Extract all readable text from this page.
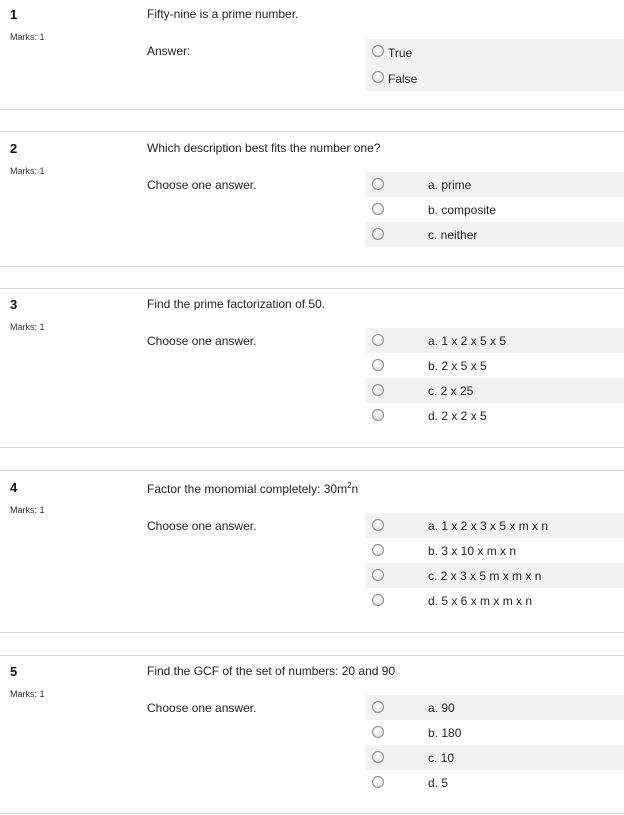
1
Marks: 1
Fifty-nine is a prime number.
Answer:	True
False
2
Marks: 1
Which description best fits the number one?
Choose one answer.	a. prime
b. composite
c. neither
3
Marks: 1
Find the prime factorization of 50.
Choose one answer.	a. 1 x 2 x 5 x 5
b. 2 x 5 x 5
c. 2 x 25
d. 2 x 2 x 5
4
Marks: 1
Factor the monomial completely: $30m^2n$
Choose one answer.	a. 1 x 2 x 3 x 5 x m x n
b. 3 x 10 x m x n
c. 2 x 3 x 5 m x m x n
d. 5 x 6 x m x m x n
5
Marks: 1
Find the GCF of the set of numbers: 20 and 90
Choose one answer.	a. 90
b. 180
c. 10
d. 5
